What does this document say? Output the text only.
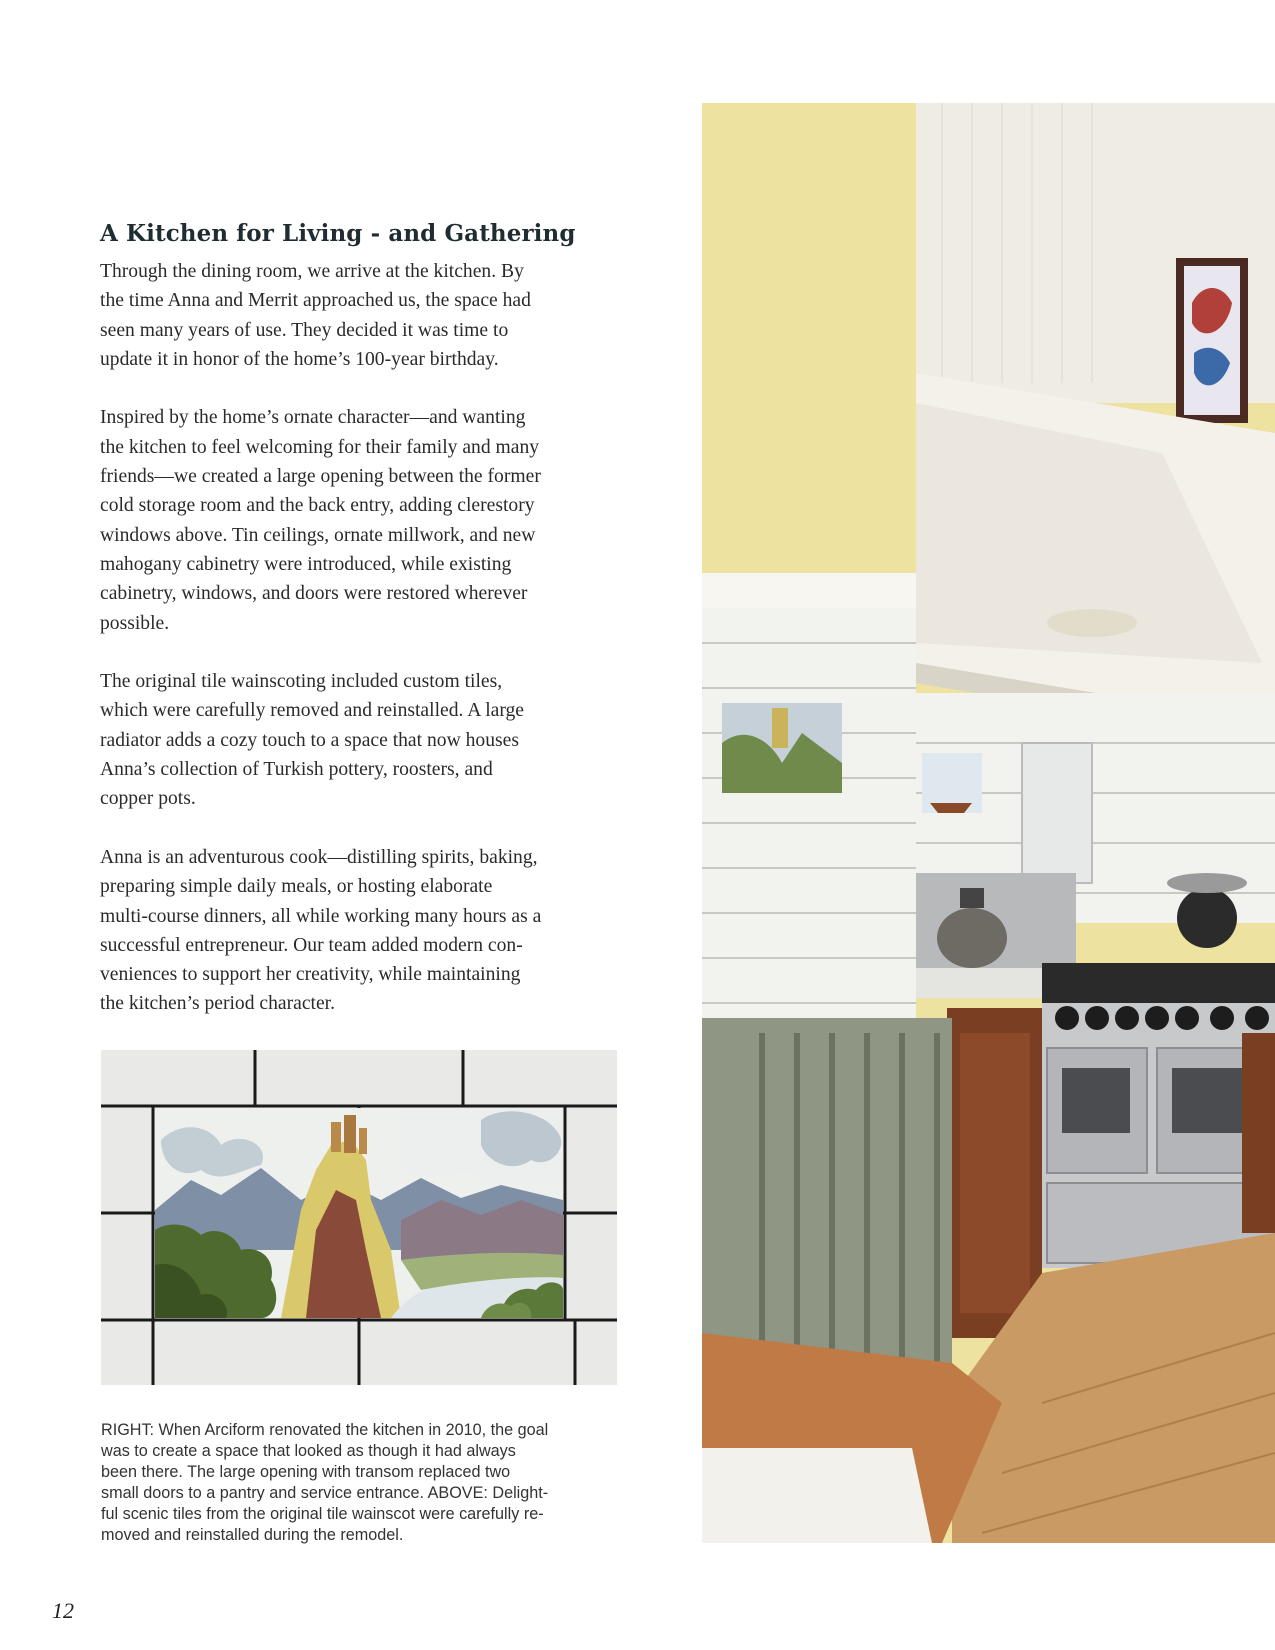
A Kitchen for Living - and Gathering

Through the dining room, we arrive at the kitchen. By
the time Anna and Merrit approached us, the space had
seen many years of use. They decided it was time to
update it in honor of the home’s 100-year birthday.

Inspired by the home’s ornate character—and wanting
the kitchen to feel welcoming for their family and many
friends—we created a large opening between the former
cold storage room and the back entry, adding clerestory
windows above. Tin ceilings, ornate millwork, and new
mahogany cabinetry were introduced, while existing
cabinetry, windows, and doors were restored wherever
possible.

The original tile wainscoting included custom tiles,
which were carefully removed and reinstalled. A large
radiator adds a cozy touch to a space that now houses
Anna’s collection of Turkish pottery, roosters, and
copper pots.

Anna is an adventurous cook—distilling spirits, baking,
preparing simple daily meals, or hosting elaborate
multi-course dinners, all while working many hours as a
successful entrepreneur. Our team added modern con-
veniences to support her creativity, while maintaining
the kitchen’s period character.

RIGHT: When Arciform renovated the kitchen in 2010, the goal
was to create a space that looked as though it had always
been there. The large opening with transom replaced two
small doors to a pantry and service entrance. ABOVE: Delight-
ful scenic tiles from the original tile wainscot were carefully re-
moved and reinstalled during the remodel.

12
